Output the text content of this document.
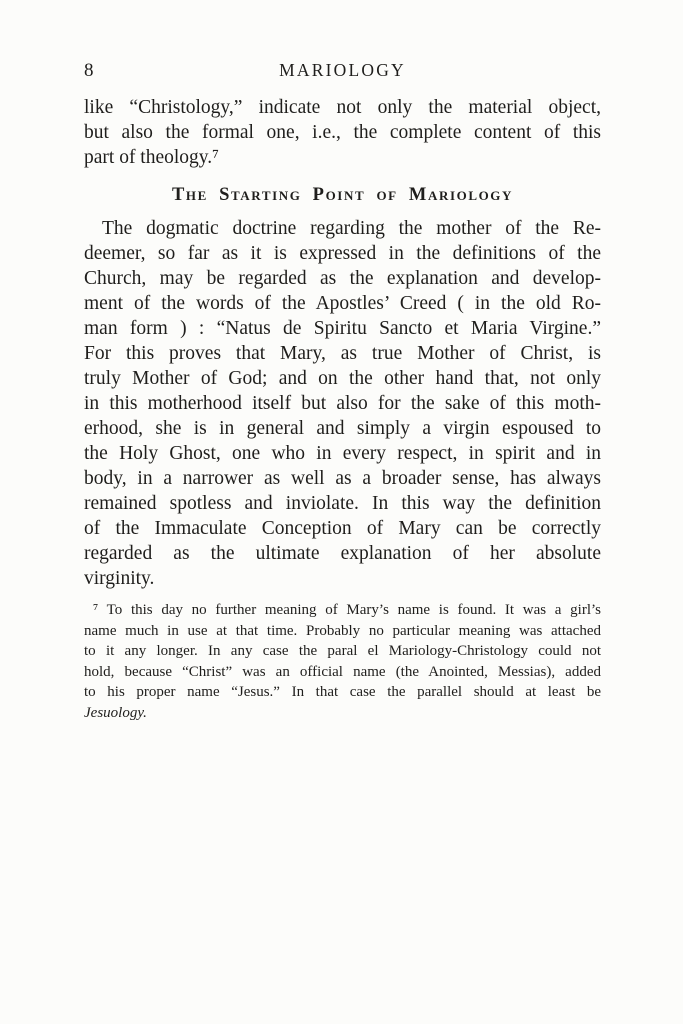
8	MARIOLOGY
like “Christology,” indicate not only the material object,
but also the formal one, i.e., the complete content of this
part of theology.⁷
The Starting Point of Mariology
The dogmatic doctrine regarding the mother of the Re-
deemer, so far as it is expressed in the definitions of the
Church, may be regarded as the explanation and develop-
ment of the words of the Apostles’ Creed ( in the old Ro-
man form ) : “Natus de Spiritu Sancto et Maria Virgine.”
For this proves that Mary, as true Mother of Christ, is
truly Mother of God; and on the other hand that, not only
in this motherhood itself but also for the sake of this moth-
erhood, she is in general and simply a virgin espoused to
the Holy Ghost, one who in every respect, in spirit and in
body, in a narrower as well as a broader sense, has always
remained spotless and inviolate. In this way the definition
of the Immaculate Conception of Mary can be correctly
regarded as the ultimate explanation of her absolute
virginity.
⁷ To this day no further meaning of Mary’s name is found. It was a girl’s
name much in use at that time. Probably no particular meaning was attached
to it any longer. In any case the paral el Mariology-Christology could not
hold, because “Christ” was an official name (the Anointed, Messias), added
to his proper name “Jesus.” In that case the parallel should at least be
Jesuology.
